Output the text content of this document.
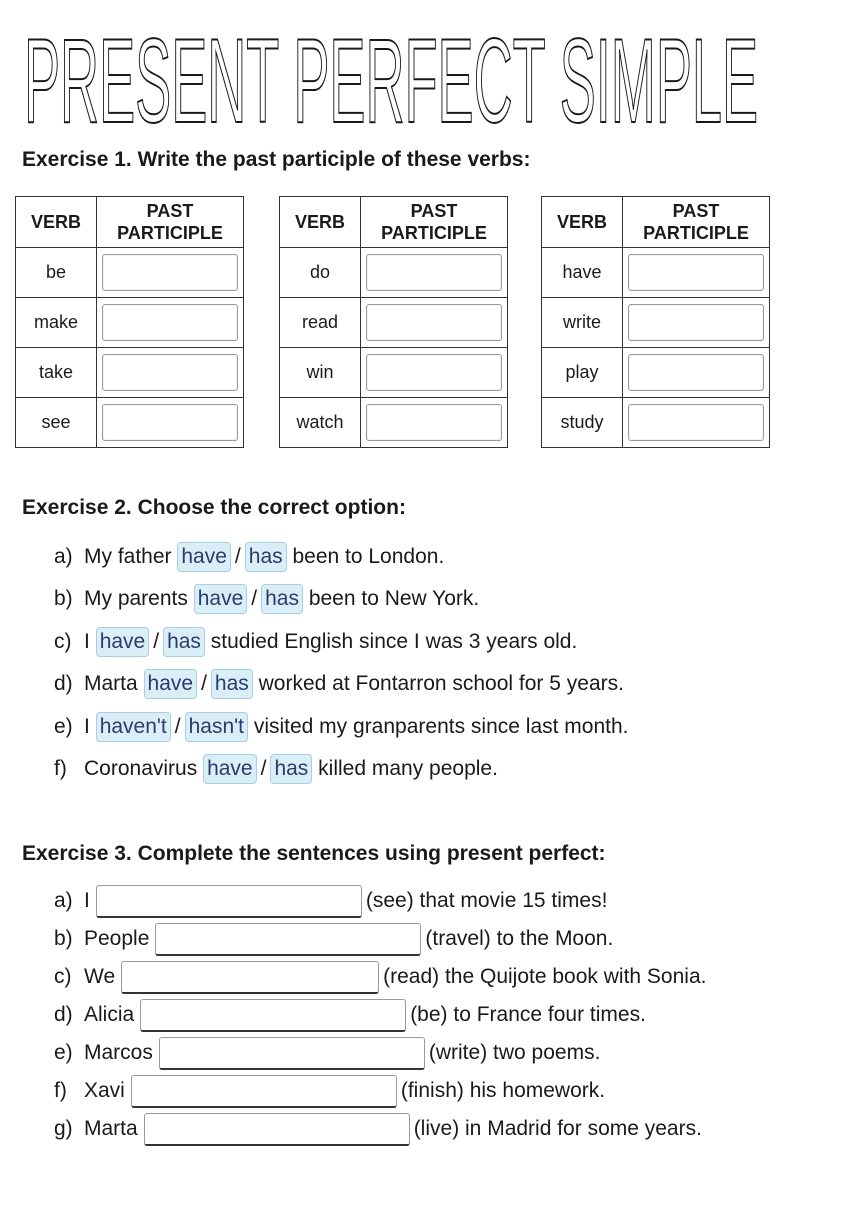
PRESENT PERFECT SIMPLE
Exercise 1. Write the past participle of these verbs:
VERB	PAST
PARTICIPLE
be	

make	

take	

see	
VERB	PAST
PARTICIPLE
do	

read	

win	

watch	
VERB	PAST
PARTICIPLE
have	

write	

play	

study	
Exercise 2. Choose the correct option:
a) My father have / has been to London.
b) My parents have / has been to New York.
c) I have / has studied English since I was 3 years old.
d) Marta have / has worked at Fontarron school for 5 years.
e) I haven't / hasn't visited my granparents since last month.
f) Coronavirus have / has killed many people.
Exercise 3. Complete the sentences using present perfect:
a) I	(see) that movie 15 times!
b) People	(travel) to the Moon.
c) We	(read) the Quijote book with Sonia.
d) Alicia	(be) to France four times.
e) Marcos	(write) two poems.
f) Xavi	(finish) his homework.
g) Marta	(live) in Madrid for some years.
